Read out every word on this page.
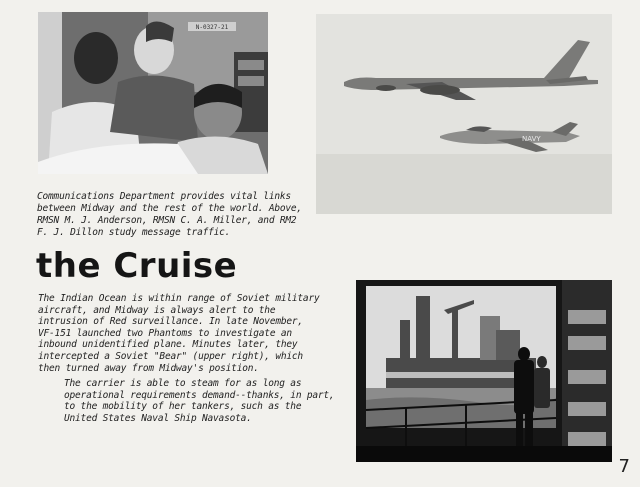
N-0327-21
NAVY
Communications Department provides vital links between Midway and the rest of the world. Above, RMSN M. J. Anderson, RMSN C. A. Miller, and RM2 F. J. Dillon study message traffic.
the Cruise
The Indian Ocean is within range of Soviet military aircraft, and Midway is always alert to the intrusion of Red surveillance. In late November, VF-151 launched two Phantoms to investigate an inbound unidentified plane. Minutes later, they intercepted a Soviet "Bear" (upper right), which then turned away from Midway's position.
The carrier is able to steam for as long as operational requirements demand--thanks, in part, to the mobility of her tankers, such as the United States Naval Ship Navasota.
7
